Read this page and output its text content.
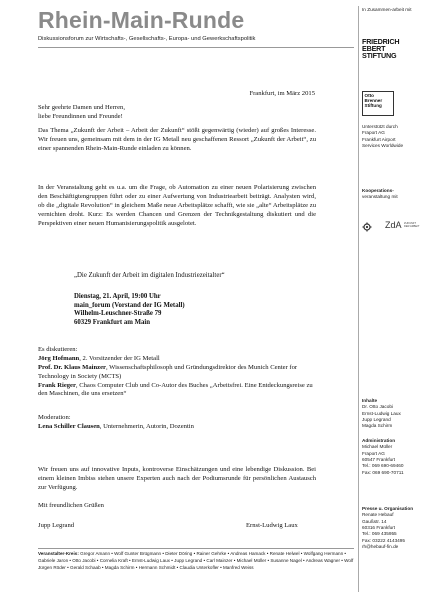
Rhein-Main-Runde
Diskussionsforum zur Wirtschafts-, Gesellschafts-, Europa- und Gewerkschaftspolitik
Frankfurt, im März 2015

Sehr geehrte Damen und Herren,

liebe Freundinnen und Freunde!

Das Thema „Zukunft der Arbeit – Arbeit der Zukunft“ stößt gegenwärtig (wieder) auf großes Interesse. Wir freuen uns, gemeinsam mit dem in der IG Metall neu geschaffenen Ressort „Zukunft der Arbeit“, zu einer spannenden Rhein-Main-Runde einladen zu können.
In der Veranstaltung geht es u.a. um die Frage, ob Automation zu einer neuen Polarisierung zwischen den Beschäftigtengruppen führt oder zu einer Aufwertung von Industriearbeit beiträgt. Analysten wird, ob die „digitale Revolution“ in gleichem Maße neue Arbeitsplätze schafft, wie sie „alte“ Arbeitsplätze zu vernichten droht. Kurz: Es werden Chancen und Grenzen der Technikgestaltung diskutiert und die Perspektiven einer neuen Humanisierungspolitik ausgelotet.
„Die Zukunft der Arbeit im digitalen Industriezeitalter“
Dienstag, 21. April, 19:00 Uhr
main_forum (Vorstand der IG Metall)
Wilhelm-Leuschner-Straße 79
60329 Frankfurt am Main

Es diskutieren:

Jörg Hofmann, 2. Vorsitzender der IG Metall

Prof. Dr. Klaus Mainzer, Wissenschaftsphilosoph und Gründungsdirektor des Munich Center for Technology in Society (MCTS)

Frank Rieger, Chaos Computer Club und Co-Autor des Buches „Arbeitsfrei. Eine Entdeckungsreise zu den Maschinen, die uns ersetzen“

Moderation:

Lena Schiller Clausen, Unternehmerin, Autorin, Dozentin

Wir freuen uns auf innovative Inputs, kontroverse Einschätzungen und eine lebendige Diskussion. Bei einem kleinen Imbiss stehen unsere Experten auch nach der Podiumsrunde für persönlichen Austausch zur Verfügung.
Mit freundlichen Grüßen
Jupp Legrand	Ernst-Ludwig Laux
Veranstalter-Kreis: Gregor Amann • Wolf Gunter Brügmann • Dieter Döring • Rainer Gehrke • Andreas Hamack • Renate Helwel • Wolfgang Hermann • Gabriele Jaron • Otto Jacobi • Cornelia Kraft • Ernst-Ludwig Laux • Jupp Legrand • Carl Mainzer • Michael Müller • Susanne Nagel • Andreas Wagner • Wolf Jürgen Röder • Gerald Schaab • Magda Schirm • Hermann Schmidt • Claudia Unterkofler • Manfred Weiss
In Zusammen-arbeit mit
FRIEDRICH
EBERT
STIFTUNG
Otto
Brenner
Stiftung
Unterstützt durch
Fraport AG
Frankfurt Airport
Services Worldwide
Kooperations-
veranstaltung mit
ZdA ZUKUNFT
DER ARBEIT
Inhalte
Dr. Otto Jacobi
Ernst-Ludwig Laux
Jupp Legrand
Magda Schirm
Administration
Michael Müller
Fraport AG
60547 Frankfurt
Tel.: 069 690-69460
Fax: 069 690-70711
Presse u. Organisation
Renate Hebauf
Gaußstr. 14
60316 Frankfurt
Tel.: 069 435955
Fax: 03222 4143495
rh@hebauf-fin.de
